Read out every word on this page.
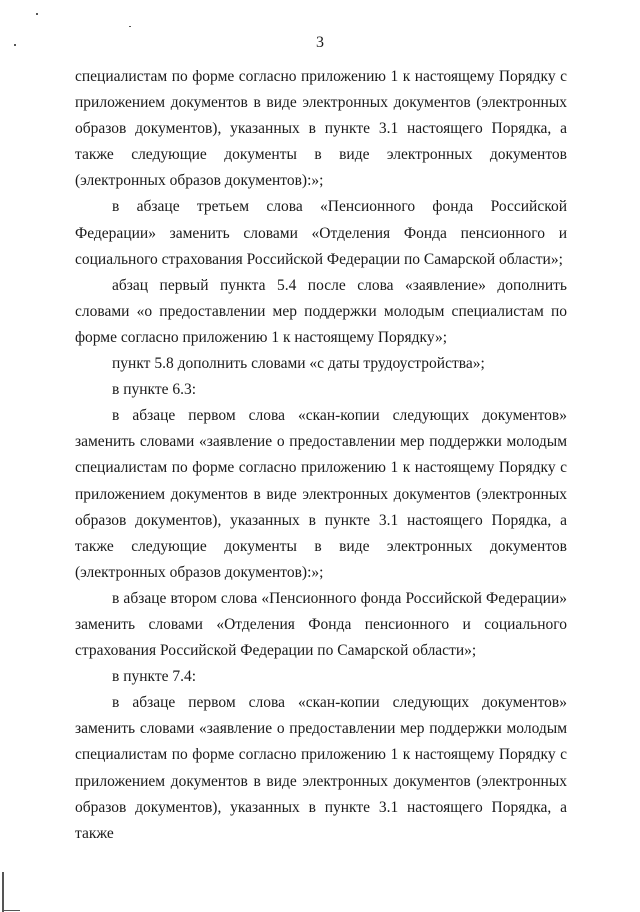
3

специалистам по форме согласно приложению 1 к настоящему Порядку с приложением документов в виде электронных документов (электронных образов документов), указанных в пункте 3.1 настоящего Порядка, а также следующие документы в виде электронных документов (электронных образов документов):»;

в абзаце третьем слова «Пенсионного фонда Российской Федерации» заменить словами «Отделения Фонда пенсионного и социального страхования Российской Федерации по Самарской области»;

абзац первый пункта 5.4 после слова «заявление» дополнить словами «о предоставлении мер поддержки молодым специалистам по форме согласно приложению 1 к настоящему Порядку»;

пункт 5.8 дополнить словами «с даты трудоустройства»;

в пункте 6.3:

в абзаце первом слова «скан-копии следующих документов» заменить словами «заявление о предоставлении мер поддержки молодым специалистам по форме согласно приложению 1 к настоящему Порядку с приложением документов в виде электронных документов (электронных образов документов), указанных в пункте 3.1 настоящего Порядка, а также следующие документы в виде электронных документов (электронных образов документов):»;

в абзаце втором слова «Пенсионного фонда Российской Федерации» заменить словами «Отделения Фонда пенсионного и социального страхования Российской Федерации по Самарской области»;

в пункте 7.4:

в абзаце первом слова «скан-копии следующих документов» заменить словами «заявление о предоставлении мер поддержки молодым специалистам по форме согласно приложению 1 к настоящему Порядку с приложением документов в виде электронных документов (электронных образов документов), указанных в пункте 3.1 настоящего Порядка, а также
